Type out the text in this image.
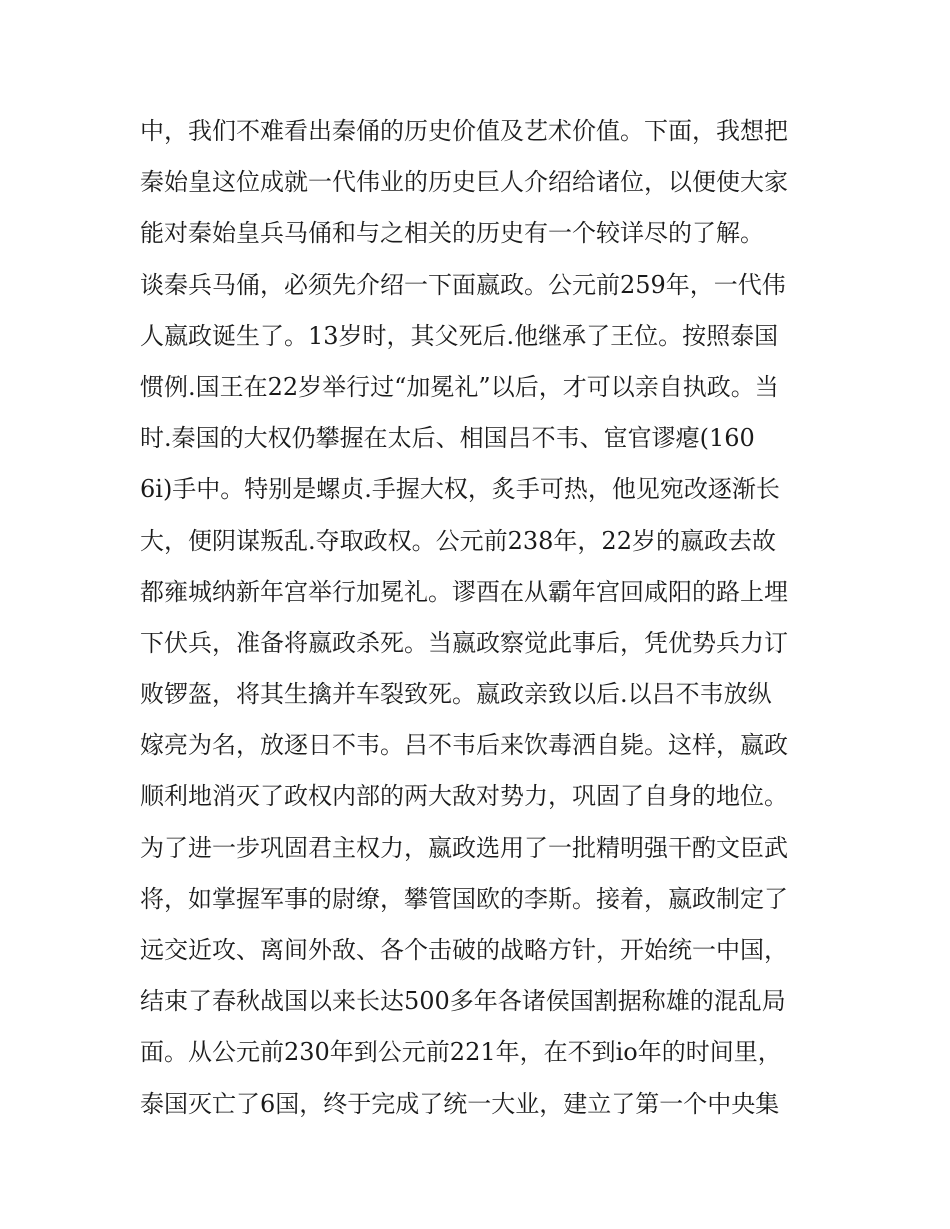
中，我们不难看出秦俑的历史价值及艺术价值。下面，我想把
秦始皇这位成就一代伟业的历史巨人介绍给诸位，以便使大家
能对秦始皇兵马俑和与之相关的历史有一个较详尽的了解。
谈秦兵马俑，必须先介绍一下面嬴政。公元前259年，一代伟
人嬴政诞生了。13岁时，其父死后.他继承了王位。按照泰国
惯例.国王在22岁举行过“加冕礼”以后，才可以亲自执政。当
时.秦国的大权仍攀握在太后、相国吕不韦、宦官谬瘪(160
6i)手中。特别是螺贞.手握大权，炙手可热，他见宛改逐渐长
大，便阴谋叛乱.夺取政权。公元前238年，22岁的嬴政去故
都雍城纳新年宫举行加冕礼。谬酉在从霸年宫回咸阳的路上埋
下伏兵，准备将嬴政杀死。当嬴政察觉此事后，凭优势兵力订
败锣盔，将其生擒并车裂致死。嬴政亲致以后.以吕不韦放纵
嫁亮为名，放逐日不韦。吕不韦后来饮毒洒自毙。这样，嬴政
顺利地消灭了政权内部的两大敌对势力，巩固了自身的地位。
为了进一步巩固君主权力，嬴政选用了一批精明强干酌文臣武
将，如掌握军事的尉缭，攀管国欧的李斯。接着，嬴政制定了
远交近攻、离间外敌、各个击破的战略方针，开始统一中国，
结束了春秋战国以来长达500多年各诸侯国割据称雄的混乱局
面。从公元前230年到公元前221年，在不到io年的时间里，
泰国灭亡了6国，终于完成了统一大业，建立了第一个中央集
